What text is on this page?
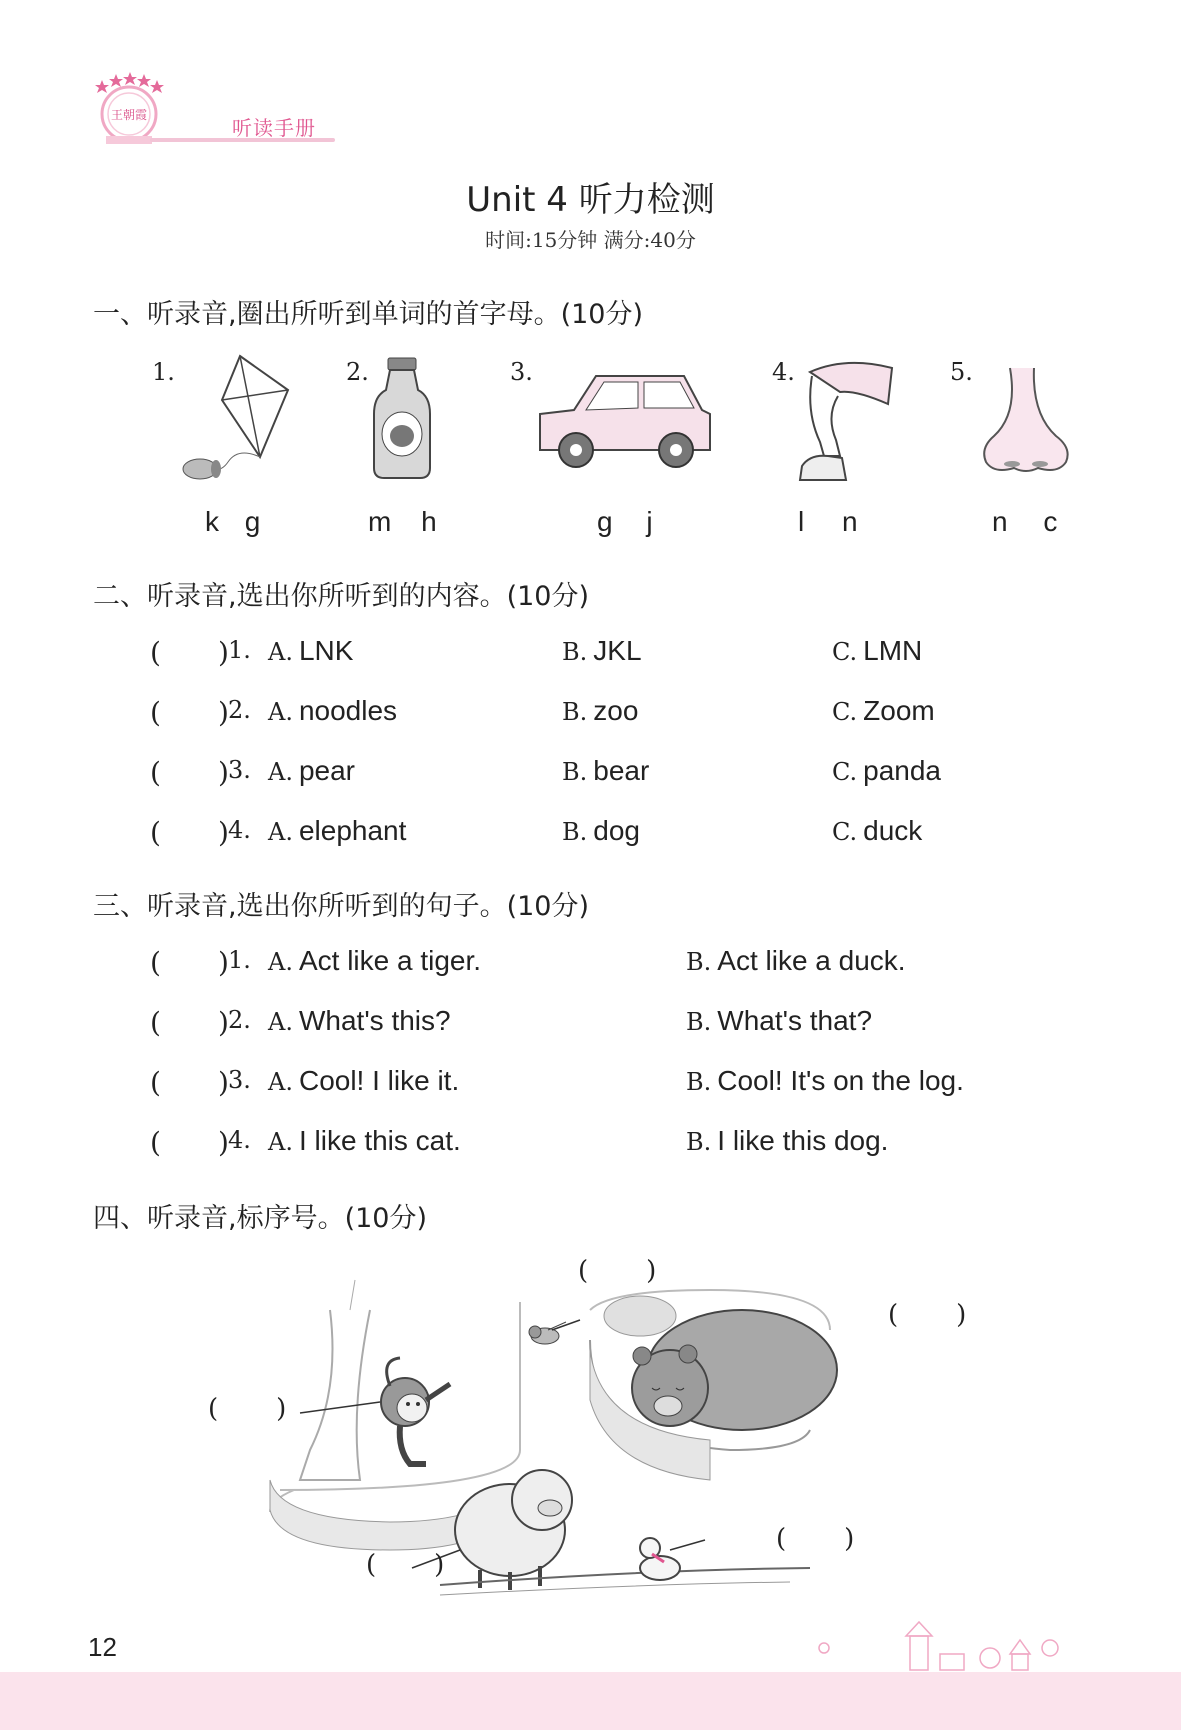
王朝霞
听读手册
Unit 4 听力检测
时间:15分钟 满分:40分
一、听录音,圈出所听到单词的首字母。(10分)
1.
k g
2.
m h
3.
g j
4.
l n
5.
n c
二、听录音,选出你所听到的内容。(10分)
( ) 1. A. LNK	B. JKL	C. LMN
( ) 2. A. noodles	B. zoo	C. Zoom
( ) 3. A. pear	B. bear	C. panda
( ) 4. A. elephant	B. dog	C. duck
三、听录音,选出你所听到的句子。(10分)
( ) 1. A. Act like a tiger.	B. Act like a duck.
( ) 2. A. What's this?	B. What's that?
( ) 3. A. Cool! I like it.	B. Cool! It's on the log.
( ) 4. A. I like this cat.	B. I like this dog.
四、听录音,标序号。(10分)
( )
( )
( )
( )
( )
12
